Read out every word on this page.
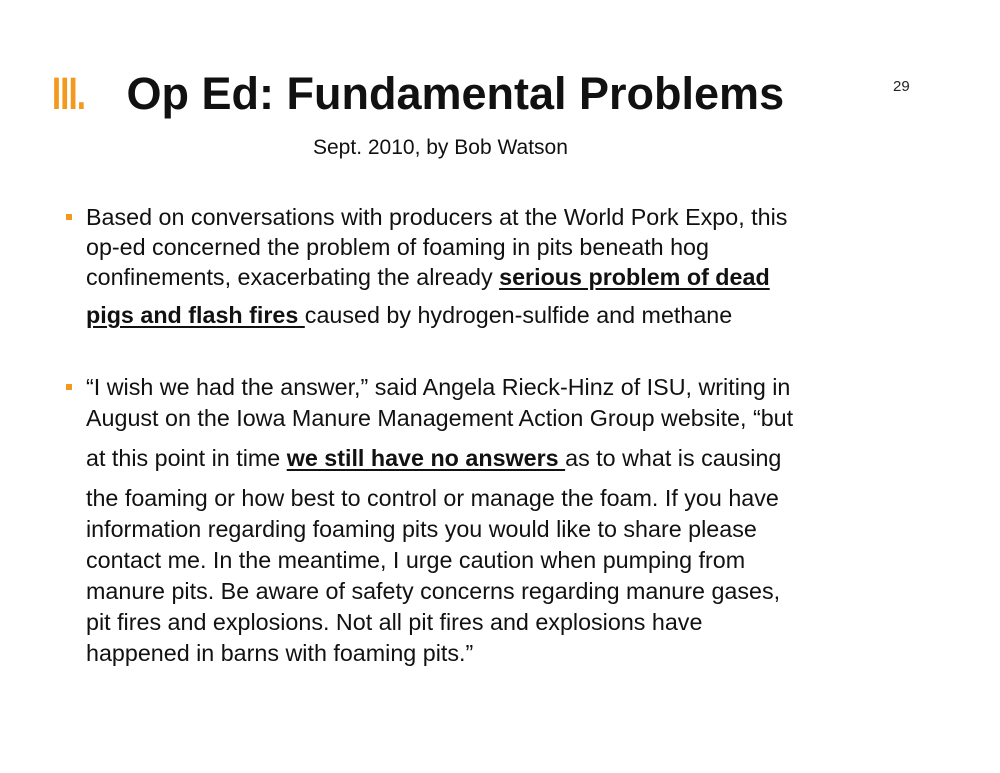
III. Op Ed: Fundamental Problems	29
Sept. 2010, by Bob Watson
Based on conversations with producers at the World Pork Expo, this
op-ed concerned the problem of foaming in pits beneath hog
confinements, exacerbating the already serious problem of dead
pigs and flash fires caused by hydrogen-sulfide and methane
“I wish we had the answer,” said Angela Rieck-Hinz of ISU, writing in
August on the Iowa Manure Management Action Group website, “but
at this point in time we still have no answers as to what is causing
the foaming or how best to control or manage the foam. If you have
information regarding foaming pits you would like to share please
contact me. In the meantime, I urge caution when pumping from
manure pits. Be aware of safety concerns regarding manure gases,
pit fires and explosions. Not all pit fires and explosions have
happened in barns with foaming pits.”
